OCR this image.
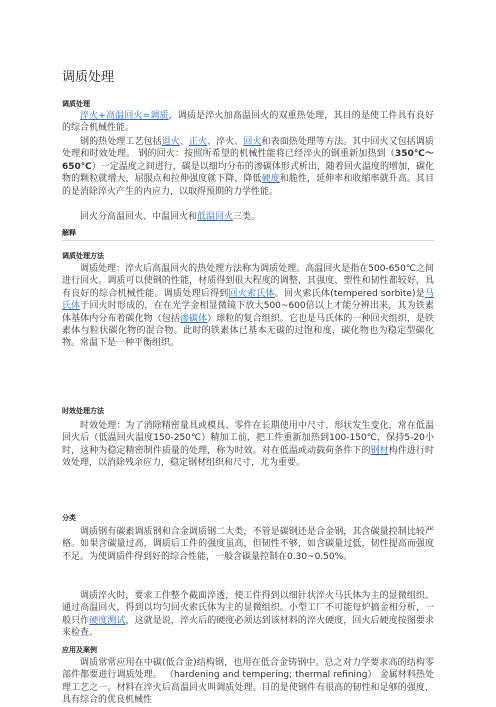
调质处理
调质处理
淬火+高温回火=调质，调质是淬火加高温回火的双重热处理，其目的是使工件具有良好的综合机械性能。
钢的热处理工艺包括退火、正火、淬火、回火和表面热处理等方法。其中回火又包括调质处理和时效处理。 钢的回火：按照所希望的机械性能将已经淬火的钢重新加热到（350℃～650℃）一定温度之间进行，碳是以细均分布的渗碳体形式析出，随着回火温度的增加，碳化物的颗粒就增大，屈服点和拉伸强度就下降，降低硬度和脆性，延伸率和收缩率就升高。其目的是消除淬火产生的内应力，以取得预期的力学性能。
回火分高温回火、中温回火和低温回火三类。
解释
调质处理方法
调质处理：淬火后高温回火的热处理方法称为调质处理。高温回火是指在500-650℃之间进行回火。调质可以使钢的性能，材质得到很大程度的调整，其强度、塑性和韧性都较好，具有良好的综合机械性能。调质处理后得到回火索氏体。回火索氏体(tempered sorbite)是马氏体于回火时形成的，在在光学金相显微镜下放大500~600倍以上才能分辨出来，其为铁素体基体内分布着碳化物（包括渗碳体）球粒的复合组织。它也是马氏体的一种回火组织，是铁素体与粒状碳化物的混合物。此时的铁素体已基本无碳的过饱和度，碳化物也为稳定型碳化物。常温下是一种平衡组织。
时效处理方法
时效处理：为了消除精密量具或模具、零件在长期使用中尺寸、形状发生变化，常在低温回火后（低温回火温度150-250℃）精加工前，把工件重新加热到100-150℃，保持5-20小时，这种为稳定精密制件质量的处理，称为时效。对在低温或动载荷条件下的钢材构件进行时效处理，以消除残余应力，稳定钢材组织和尺寸，尤为重要。
分类
调质钢有碳素调质钢和合金调质钢二大类，不管是碳钢还是合金钢，其含碳量控制比较严格。如果含碳量过高，调质后工件的强度虽高，但韧性不够，如含碳量过低，韧性提高而强度不足。为使调质件得到好的综合性能，一般含碳量控制在0.30~0.50%。
调质淬火时，要求工件整个截面淬透，使工件得到以细针状淬火马氏体为主的显微组织。通过高温回火，得到以均匀回火索氏体为主的显微组织。小型工厂不可能每炉搞金相分析，一般只作硬度测试，这就是说，淬火后的硬度必须达到该材料的淬火硬度，回火后硬度按图要求来检查。
应用及案例
调质常常应用在中碳(低合金)结构钢，也用在低合金铸钢中。总之对力学要求高的结构零部件都要进行调质处理。 （hardening and tempering; thermal refining） 金属材料热处理工艺之一。材料在淬火后高温回火叫调质处理。目的是使钢件有很高的韧性和足够的强度，具有综合的优良机械性
